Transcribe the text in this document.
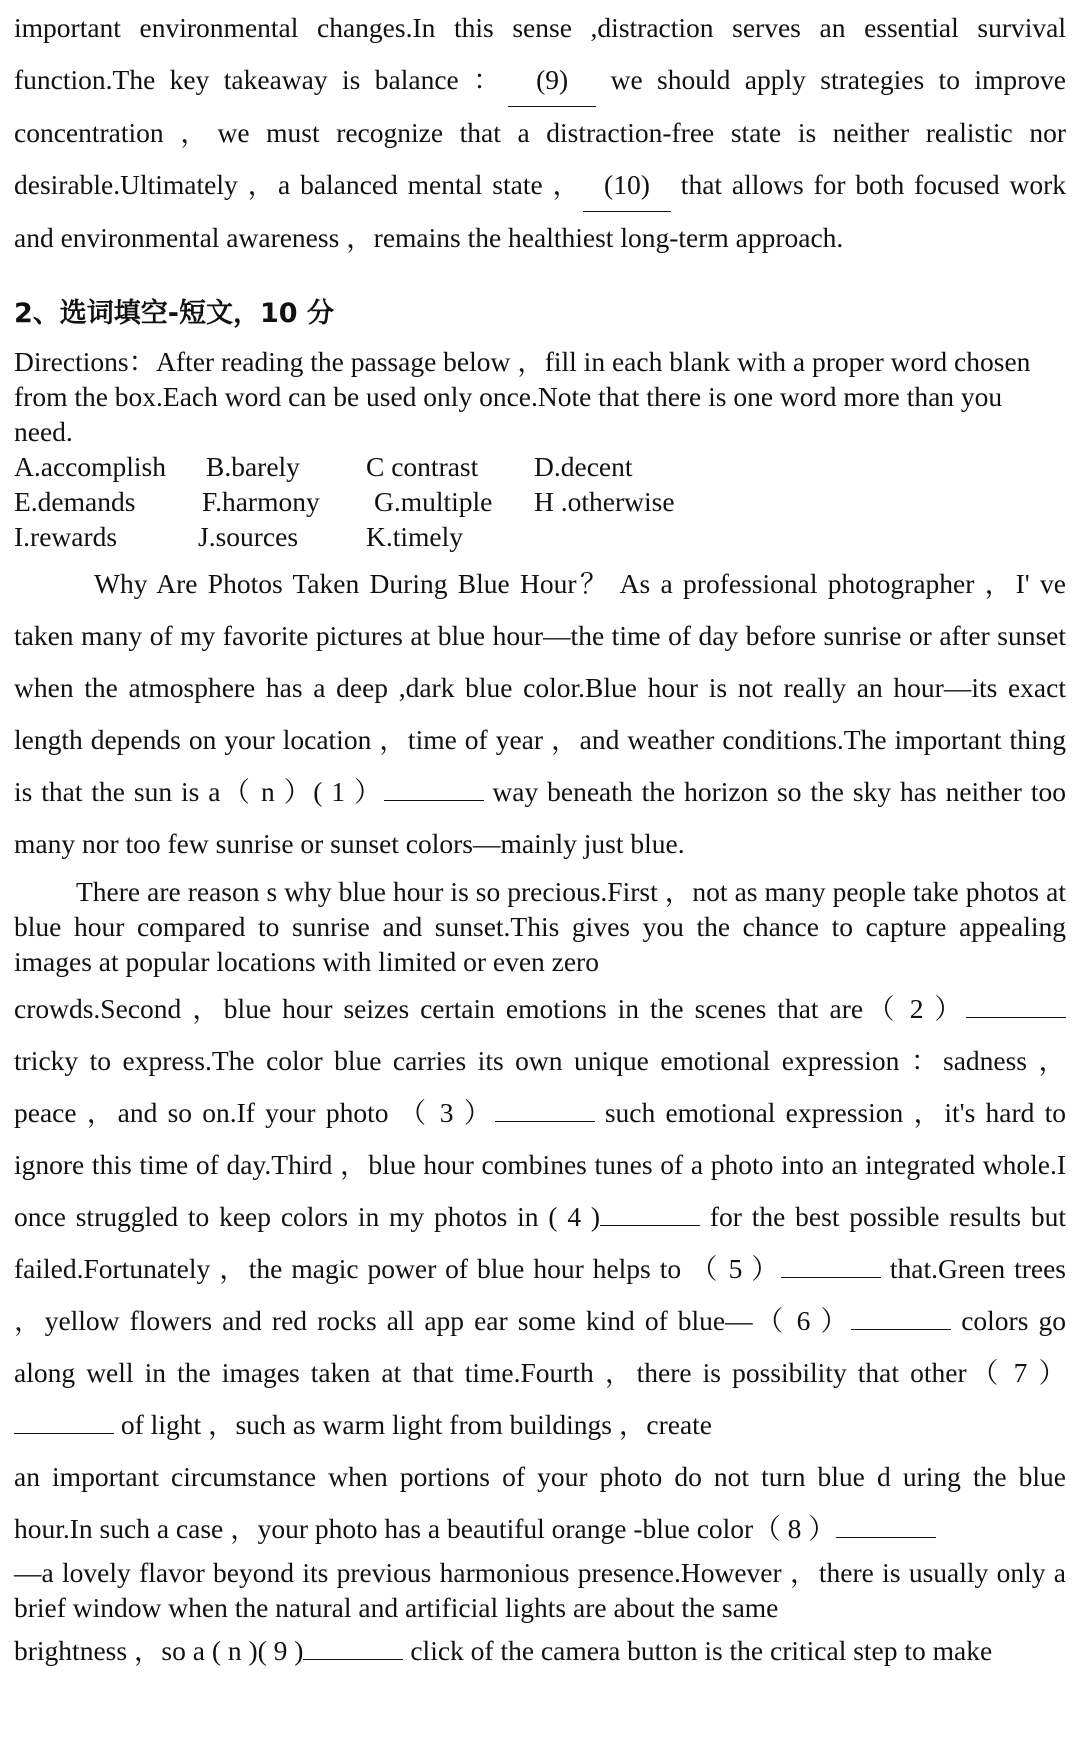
important environmental changes.In this sense ,distraction serves an essential survival function.The key takeaway is balance ： (9) we should apply strategies to improve concentration ，we must recognize that a distraction-free state is neither realistic nor desirable.Ultimately ，a balanced mental state ， (10) that allows for both focused work and environmental awareness ，remains the healthiest long-term approach.

2、选词填空-短文，10 分

Directions：After reading the passage below ，fill in each blank with a proper word chosen from the box.Each word can be used only once.Note that there is one word more than you need.

A.accomplish B.barely C contrast D.decent
E.demands F.harmony G.multiple H .otherwise
I.rewards	J.sources K.timely

Why Are Photos Taken During Blue Hour？ As a professional photographer ，I' ve taken many of my favorite pictures at blue hour—the time of day before sunrise or after sunset when the atmosphere has a deep ,dark blue color.Blue hour is not really an hour—its exact length depends on your location ，time of year ，and weather conditions.The important thing is that the sun is a（ n ）( 1 ）	way beneath the horizon so the sky has neither too many nor too few sunrise or sunset colors—mainly just blue.

There are reason s why blue hour is so precious.First ，not as many people take photos at blue hour compared to sunrise and sunset.This gives you the chance to capture appealing images at popular locations with limited or even zero

crowds.Second ，blue hour seizes certain emotions in the scenes that are（ 2 ） tricky to express.The color blue carries its own unique emotional expression ：sadness ，peace ，and so on.If your photo （ 3 ）	such emotional expression ，it's hard to ignore this time of day.Third ，blue hour combines tunes of a photo into an integrated whole.I once struggled to keep colors in my photos in ( 4 )	for the best possible results but failed.Fortunately ，the magic power of blue hour helps to （ 5 ）	that.Green trees ，yellow flowers and red rocks all app ear some kind of blue—（ 6 ）	colors go along well in the images taken at that time.Fourth ，there is possibility that other（ 7 ） of light ，such as warm light from buildings ，create

an important circumstance when portions of your photo do not turn blue d uring the blue hour.In such a case ，your photo has a beautiful orange -blue color（ 8 ）

—a lovely flavor beyond its previous harmonious presence.However ，there is usually only a brief window when the natural and artificial lights are about the same

brightness ，so a ( n )( 9 )	click of the camera button is the critical step to make
